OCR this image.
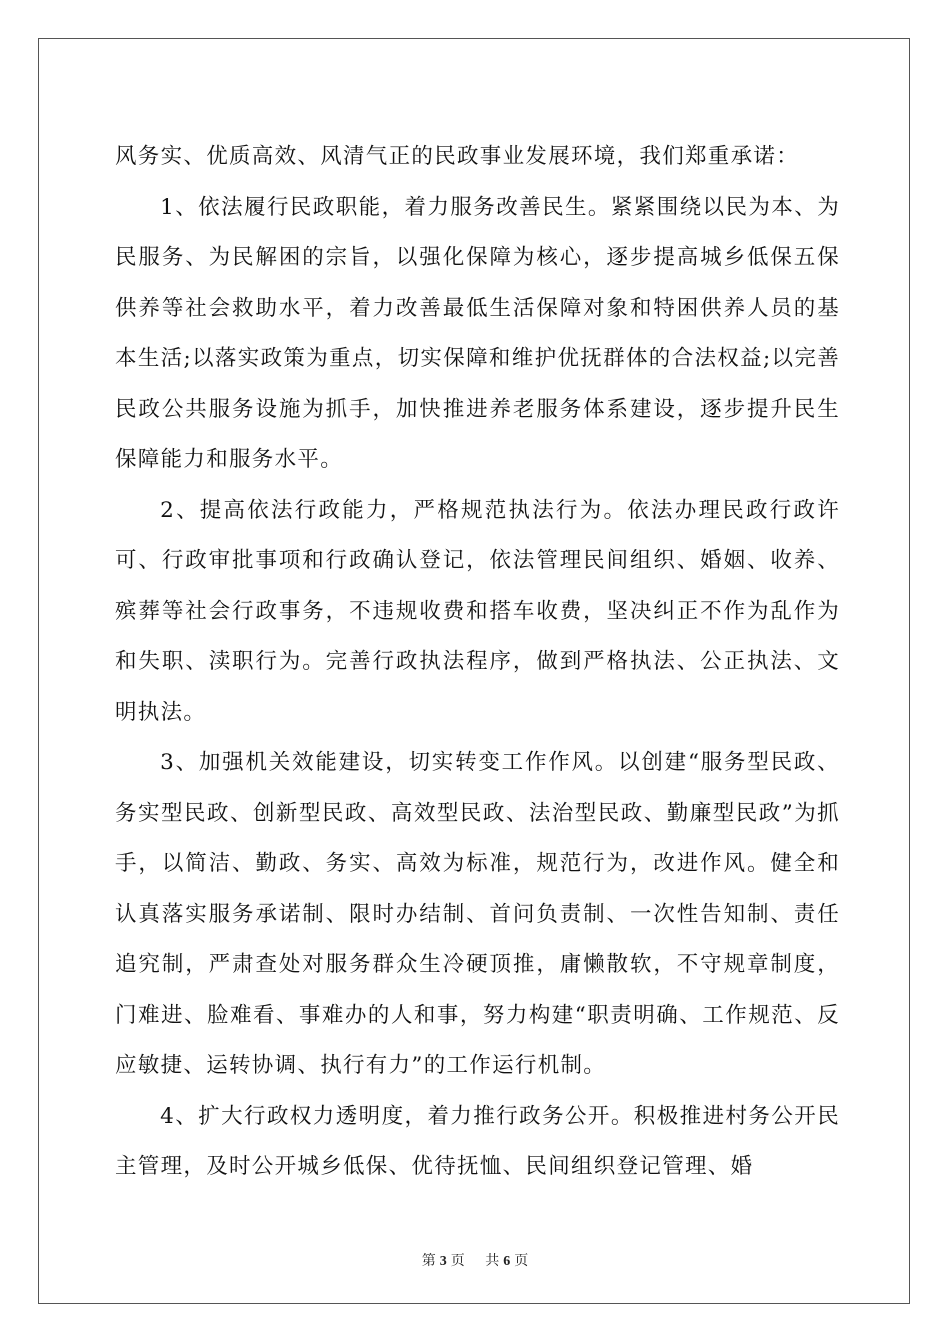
风务实、优质高效、风清气正的民政事业发展环境，我们郑重承诺：

1、依法履行民政职能，着力服务改善民生。紧紧围绕以民为本、为民服务、为民解困的宗旨，以强化保障为核心，逐步提高城乡低保五保供养等社会救助水平，着力改善最低生活保障对象和特困供养人员的基本生活;以落实政策为重点，切实保障和维护优抚群体的合法权益;以完善民政公共服务设施为抓手，加快推进养老服务体系建设，逐步提升民生保障能力和服务水平。

2、提高依法行政能力，严格规范执法行为。依法办理民政行政许可、行政审批事项和行政确认登记，依法管理民间组织、婚姻、收养、殡葬等社会行政事务，不违规收费和搭车收费，坚决纠正不作为乱作为和失职、渎职行为。完善行政执法程序，做到严格执法、公正执法、文明执法。

3、加强机关效能建设，切实转变工作作风。以创建“服务型民政、务实型民政、创新型民政、高效型民政、法治型民政、勤廉型民政”为抓手，以简洁、勤政、务实、高效为标准，规范行为，改进作风。健全和认真落实服务承诺制、限时办结制、首问负责制、一次性告知制、责任追究制，严肃查处对服务群众生冷硬顶推，庸懒散软，不守规章制度，门难进、脸难看、事难办的人和事，努力构建“职责明确、工作规范、反应敏捷、运转协调、执行有力”的工作运行机制。

4、扩大行政权力透明度，着力推行政务公开。积极推进村务公开民主管理，及时公开城乡低保、优待抚恤、民间组织登记管理、婚

第 3 页 共 6 页
